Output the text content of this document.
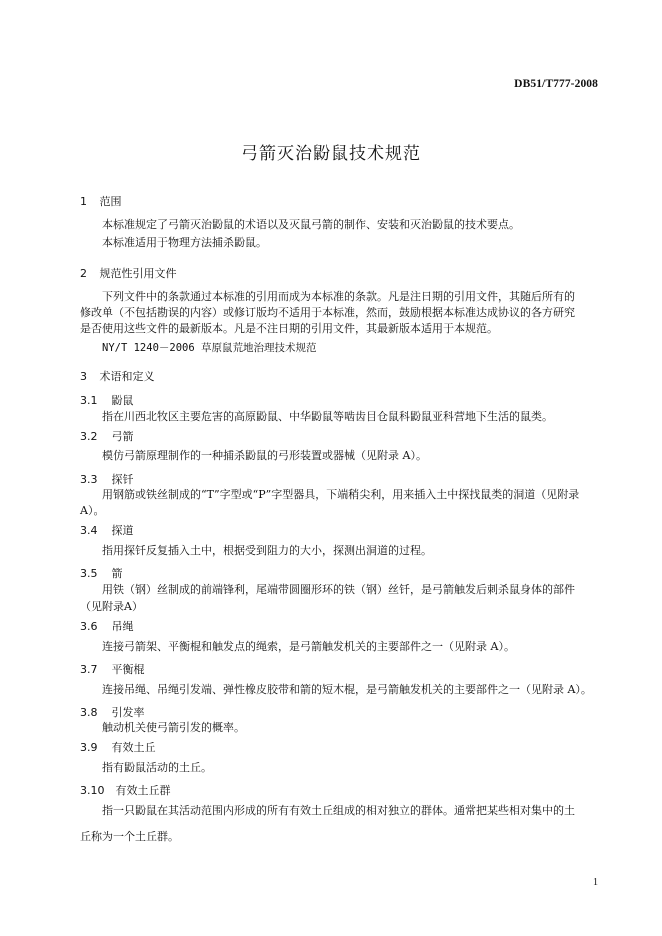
DB51/T777-2008
弓箭灭治鼢鼠技术规范
1 范围
本标准规定了弓箭灭治鼢鼠的术语以及灭鼠弓箭的制作、安装和灭治鼢鼠的技术要点。
本标准适用于物理方法捕杀鼢鼠。
2 规范性引用文件
下列文件中的条款通过本标准的引用而成为本标准的条款。凡是注日期的引用文件，其随后所有的
修改单（不包括勘误的内容）或修订版均不适用于本标准，然而，鼓励根据本标准达成协议的各方研究
是否使用这些文件的最新版本。凡是不注日期的引用文件，其最新版本适用于本规范。
NY/T 1240－2006 草原鼠荒地治理技术规范
3 术语和定义
3.1 鼢鼠
指在川西北牧区主要危害的高原鼢鼠、中华鼢鼠等啮齿目仓鼠科鼢鼠亚科营地下生活的鼠类。
3.2 弓箭
模仿弓箭原理制作的一种捕杀鼢鼠的弓形装置或器械（见附录 A）。
3.3 探钎
用钢筋或铁丝制成的“T”字型或“P”字型器具，下端稍尖利，用来插入土中探找鼠类的洞道（见附录
A）。
3.4 探道
指用探钎反复插入土中，根据受到阻力的大小，探测出洞道的过程。
3.5 箭
用铁（钢）丝制成的前端锋利，尾端带圆圈形环的铁（钢）丝钎，是弓箭触发后刺杀鼠身体的部件
（见附录A）
3.6 吊绳
连接弓箭架、平衡棍和触发点的绳索，是弓箭触发机关的主要部件之一（见附录 A）。
3.7 平衡棍
连接吊绳、吊绳引发端、弹性橡皮胶带和箭的短木棍，是弓箭触发机关的主要部件之一（见附录 A）。
3.8 引发率
触动机关使弓箭引发的概率。
3.9 有效土丘
指有鼢鼠活动的土丘。
3.10 有效土丘群
指一只鼢鼠在其活动范围内形成的所有有效土丘组成的相对独立的群体。通常把某些相对集中的土
丘称为一个土丘群。
1
